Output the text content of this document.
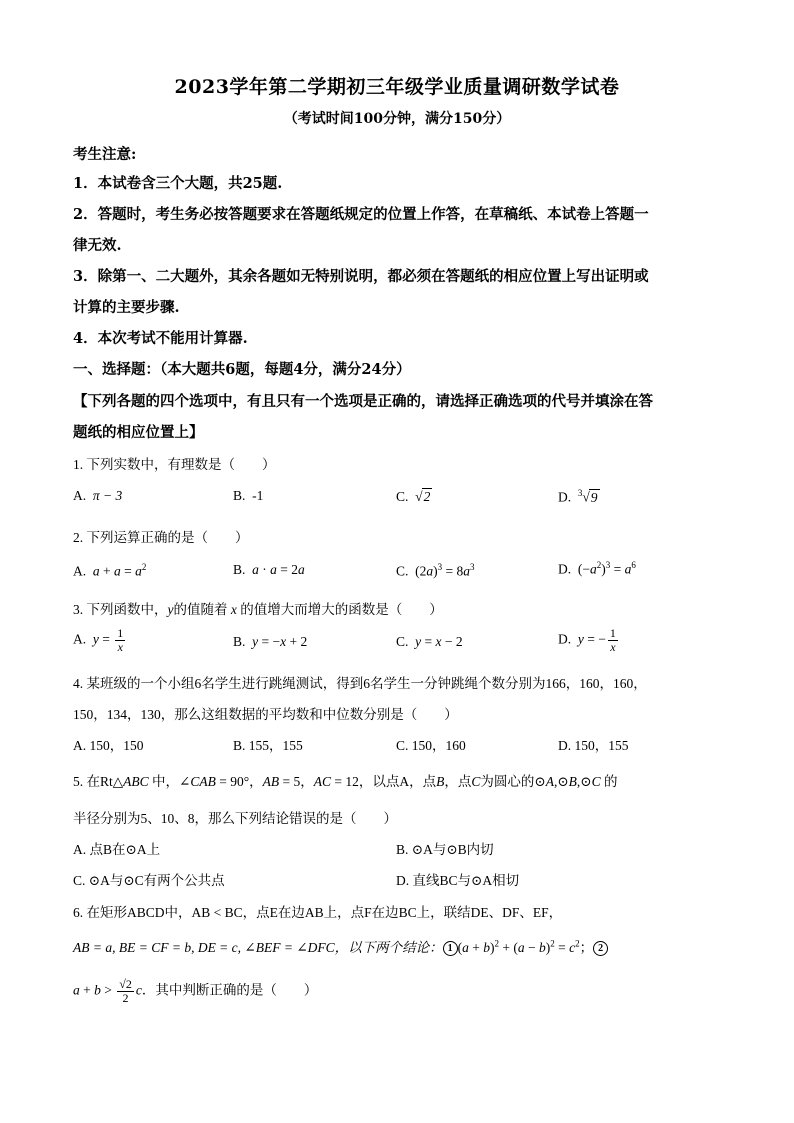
2023学年第二学期初三年级学业质量调研数学试卷
（考试时间100分钟，满分150分）
考生注意:
1．本试卷含三个大题，共25题.
2．答题时，考生务必按答题要求在答题纸规定的位置上作答，在草稿纸、本试卷上答题一
律无效.
3．除第一、二大题外，其余各题如无特别说明，都必须在答题纸的相应位置上写出证明或
计算的主要步骤.
4．本次考试不能用计算器.
一、选择题：（本大题共6题，每题4分，满分24分）
【下列各题的四个选项中，有且只有一个选项是正确的，请选择正确选项的代号并填涂在答
题纸的相应位置上】
1. 下列实数中，有理数是（　　）
A. π − 3	B. -1	C.  √2	D. $^3$√9
2. 下列运算正确的是（　　）
A. $a + a = a^2$	B. a · a = 2a	C.  $(2a)^3 = 8a^3$	D.  $(-a^2)^3 = a^6$
3. 下列函数中，y的值随着 x 的值增大而增大的函数是（　　）
A. $y = \frac{1}{x}$	B. y = −x + 2	C. y = x − 2	D. y = − $\frac{1}{x}$
4. 某班级的一个小组6名学生进行跳绳测试，得到6名学生一分钟跳绳个数分别为166，160，160，
150，134，130，那么这组数据的平均数和中位数分别是（　　）
A. 150，150	B. 155，155	C. 150，160	D. 150，155
5. 在Rt△ABC 中，∠CAB = 90°，AB = 5，AC = 12，以点A，点B，点C为圆心的⊙A,⊙B,⊙C 的
半径分别为5、10、8，那么下列结论错误的是（　　）
A. 点B在⊙A上	B. ⊙A与⊙B内切
C. ⊙A与⊙C有两个公共点	D. 直线BC与⊙A相切
6. 在矩形ABCD中，AB < BC，点E在边AB上，点F在边BC上，联结DE、DF、EF，
AB = a, BE = CF = b, DE = c, ∠BEF = ∠DFC，以下两个结论： 1 $(a + b)^2 + (a - b)^2 = c^2$； 2
$a + b > \frac{√2}{2}$ c．其中判断正确的是（　　）
